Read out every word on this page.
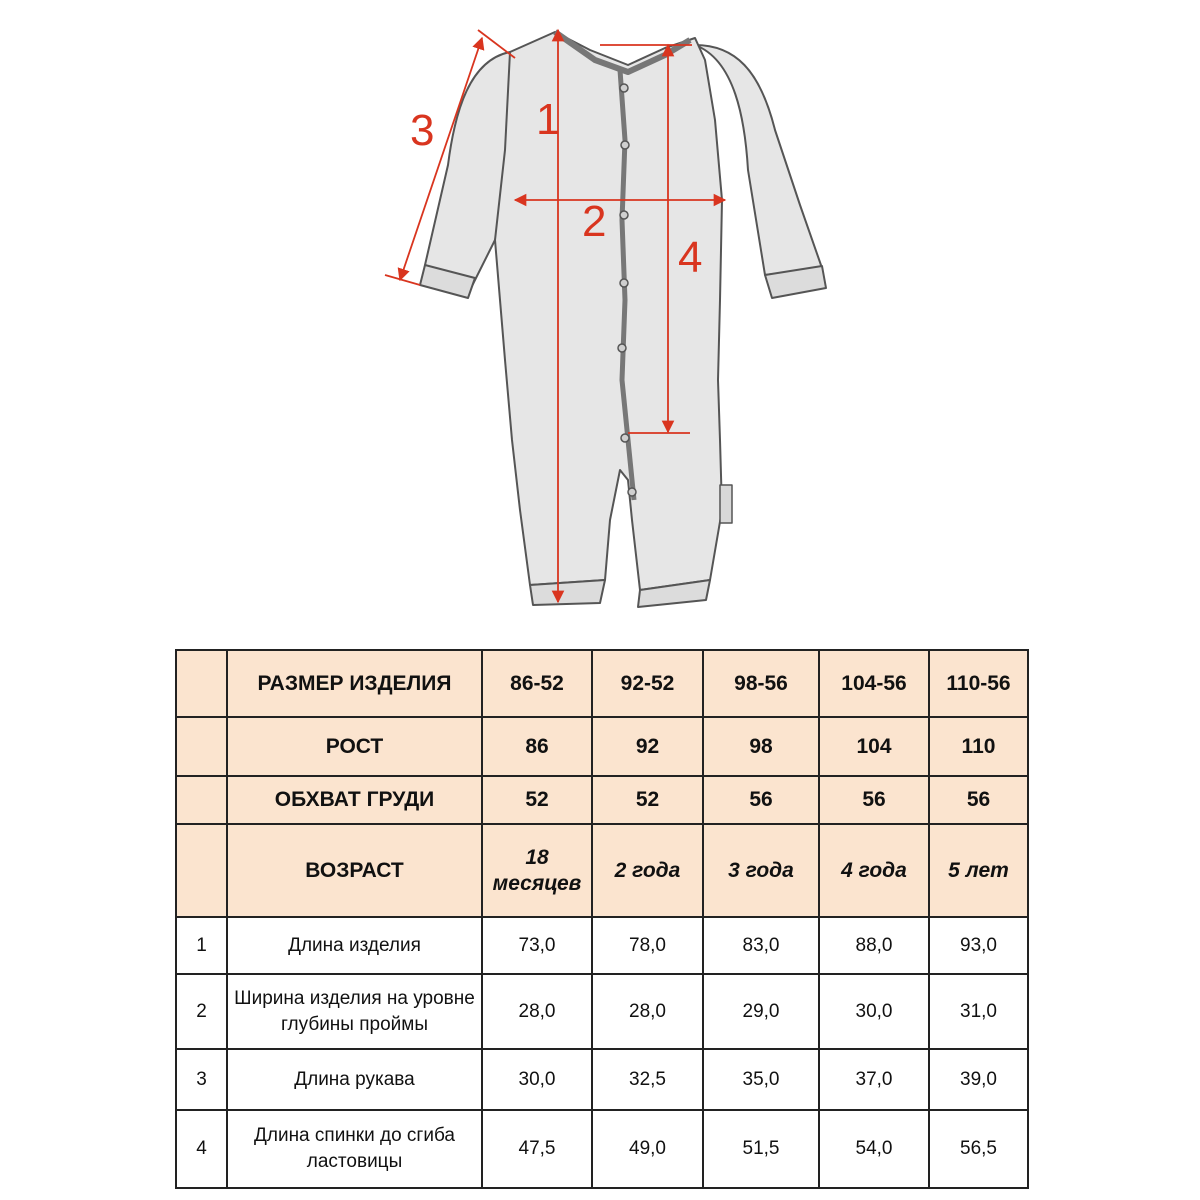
1
2
3
4
	РАЗМЕР ИЗДЕЛИЯ	86-52	92-52	98-56	104-56	110-56
	РОСТ	86	92	98	104	110
	ОБХВАТ ГРУДИ	52	52	56	56	56
	ВОЗРАСТ	18 месяцев	2 года	3 года	4 года	5 лет
1	Длина изделия	73,0	78,0	83,0	88,0	93,0
2	Ширина изделия на уровне глубины проймы	28,0	28,0	29,0	30,0	31,0
3	Длина рукава	30,0	32,5	35,0	37,0	39,0
4	Длина спинки до сгиба ластовицы	47,5	49,0	51,5	54,0	56,5
